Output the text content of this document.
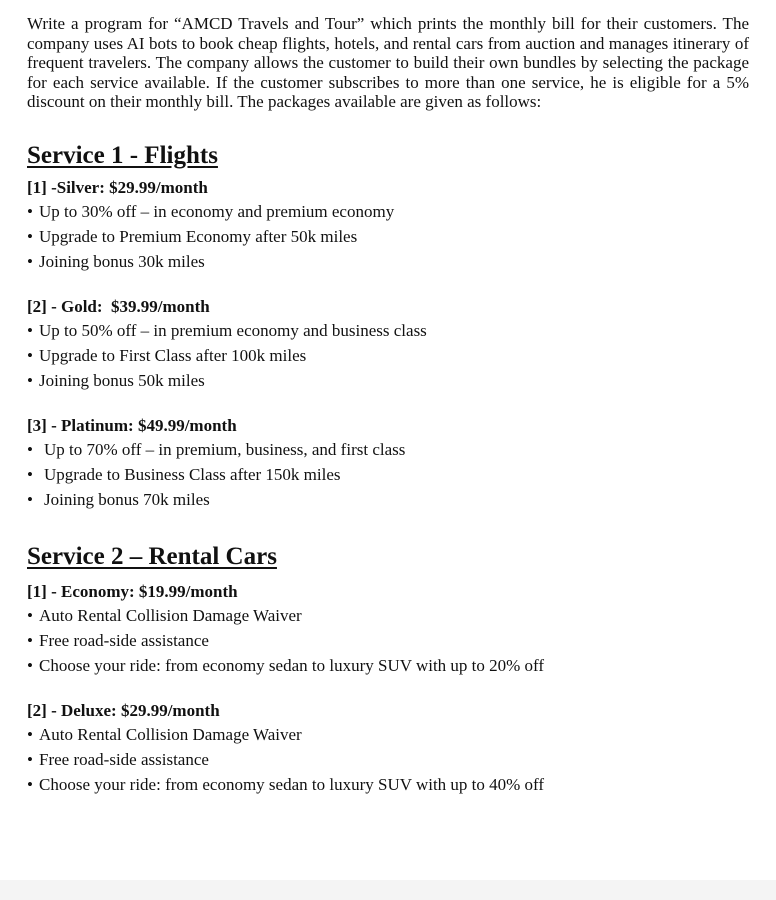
Write a program for “AMCD Travels and Tour” which prints the monthly bill for their customers. The company uses AI bots to book cheap flights, hotels, and rental cars from auction and manages itinerary of frequent travelers. The company allows the customer to build their own bundles by selecting the package for each service available. If the customer subscribes to more than one service, he is eligible for a 5% discount on their monthly bill. The packages available are given as follows:

Service 1 - Flights
[1] -Silver: $29.99/month
• Up to 30% off – in economy and premium economy
• Upgrade to Premium Economy after 50k miles
• Joining bonus 30k miles
[2] - Gold:  $39.99/month
• Up to 50% off – in premium economy and business class
• Upgrade to First Class after 100k miles
• Joining bonus 50k miles
[3] - Platinum: $49.99/month
• Up to 70% off – in premium, business, and first class
• Upgrade to Business Class after 150k miles
• Joining bonus 70k miles
Service 2 – Rental Cars
[1] - Economy: $19.99/month
• Auto Rental Collision Damage Waiver
• Free road-side assistance
• Choose your ride: from economy sedan to luxury SUV with up to 20% off
[2] - Deluxe: $29.99/month
• Auto Rental Collision Damage Waiver
• Free road-side assistance
• Choose your ride: from economy sedan to luxury SUV with up to 40% off
